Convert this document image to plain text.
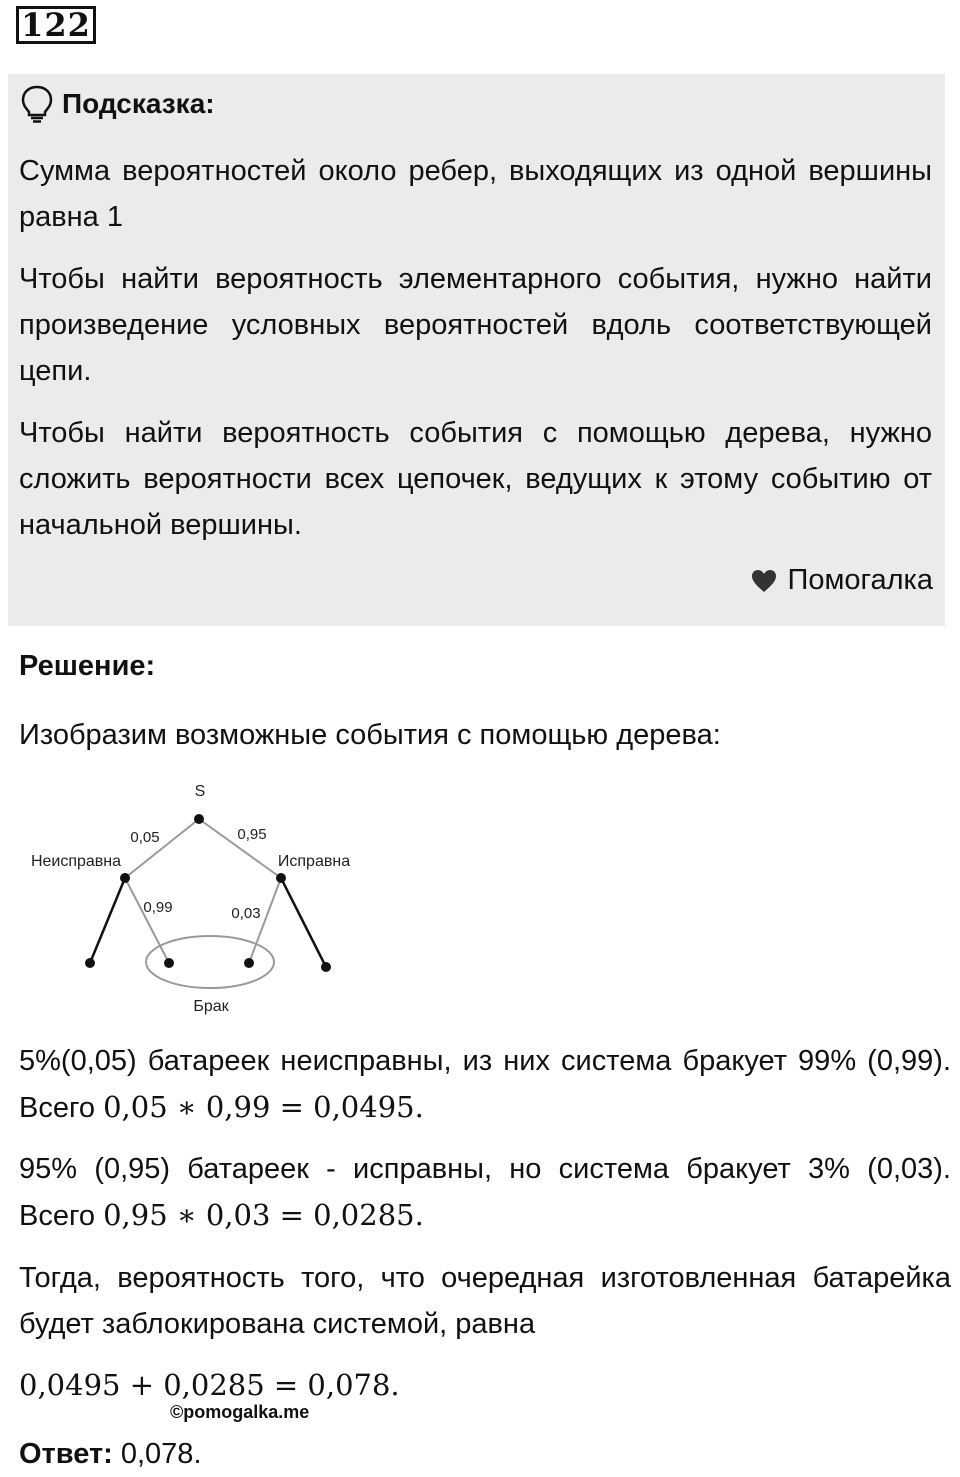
122
Подсказка:
Сумма вероятностей около ребер, выходящих из одной вершины равна 1
Чтобы найти вероятность элементарного события, нужно найти произведение условных вероятностей вдоль соответствующей цепи.
Чтобы найти вероятность события с помощью дерева, нужно сложить вероятности всех цепочек, ведущих к этому событию от начальной вершины.
Помогалка
Решение:
Изобразим возможные события с помощью дерева:
S
Неисправна	Исправна
0,05	0,95
0,99	0,03
Брак
5%(0,05) батареек неисправны, из них система бракует 99% (0,99). Всего 0,05 ∗ 0,99 = 0,0495.
95% (0,95) батареек - исправны, но система бракует 3% (0,03). Всего 0,95 ∗ 0,03 = 0,0285.
Тогда, вероятность того, что очередная изготовленная батарейка будет заблокирована системой, равна
0,0495 + 0,0285 = 0,078.
©pomogalka.me
Ответ: 0,078.
